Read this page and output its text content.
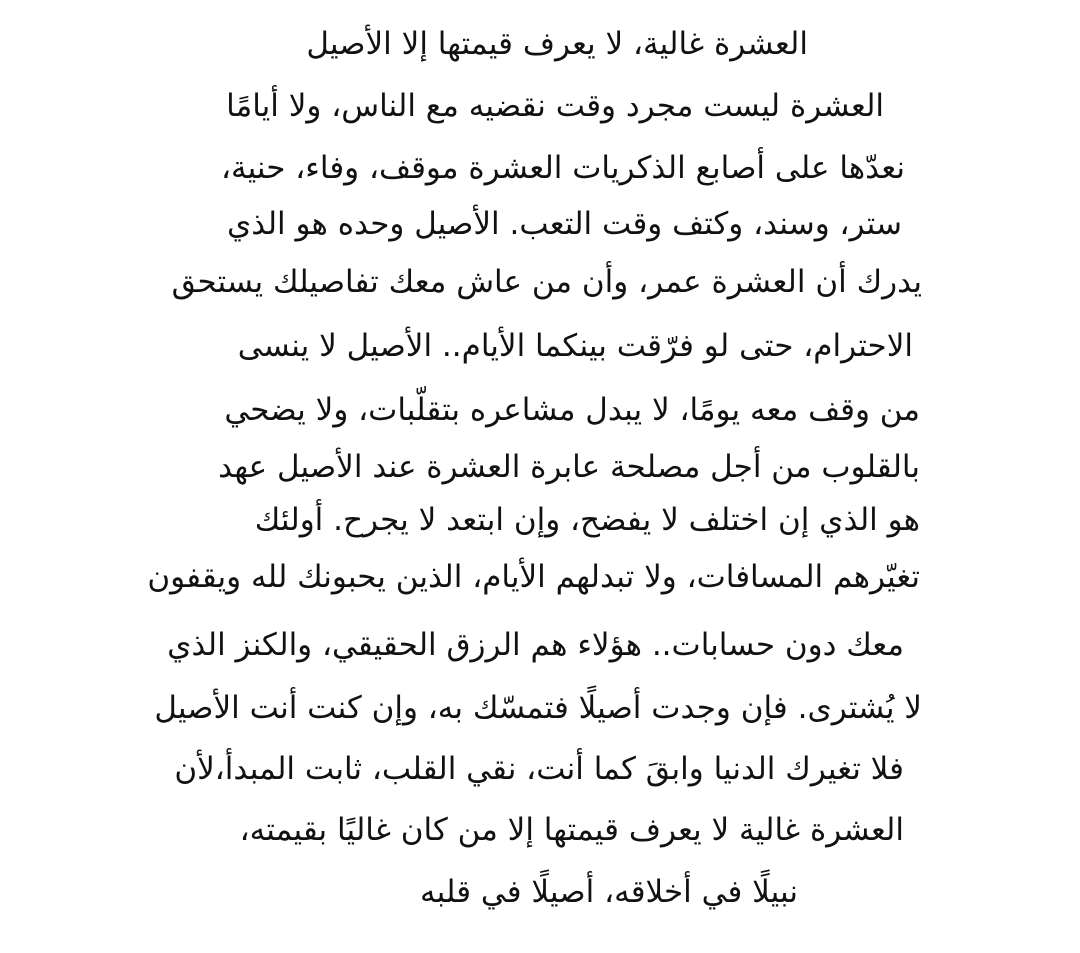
العشرة غالية، لا يعرف قيمتها إلا الأصيل
العشرة ليست مجرد وقت نقضيه مع الناس، ولا أيامًا
نعدّها على أصابع الذكريات العشرة موقف، وفاء، حنية،
ستر، وسند، وكتف وقت التعب. الأصيل وحده هو الذي
يدرك أن العشرة عمر، وأن من عاش معك تفاصيلك يستحق
الاحترام، حتى لو فرّقت بينكما الأيام.. الأصيل لا ينسى
من وقف معه يومًا، لا يبدل مشاعره بتقلّبات، ولا يضحي
بالقلوب من أجل مصلحة عابرة العشرة عند الأصيل عهد
هو الذي إن اختلف لا يفضح، وإن ابتعد لا يجرح. أولئك
تغيّرهم المسافات، ولا تبدلهم الأيام، الذين يحبونك لله ويقفون
معك دون حسابات.. هؤلاء هم الرزق الحقيقي، والكنز الذي
لا يُشترى. فإن وجدت أصيلًا فتمسّك به، وإن كنت أنت الأصيل
فلا تغيرك الدنيا وابقَ كما أنت، نقي القلب، ثابت المبدأ،لأن
العشرة غالية لا يعرف قيمتها إلا من كان غاليًا بقيمته،
نبيلًا في أخلاقه، أصيلًا في قلبه
